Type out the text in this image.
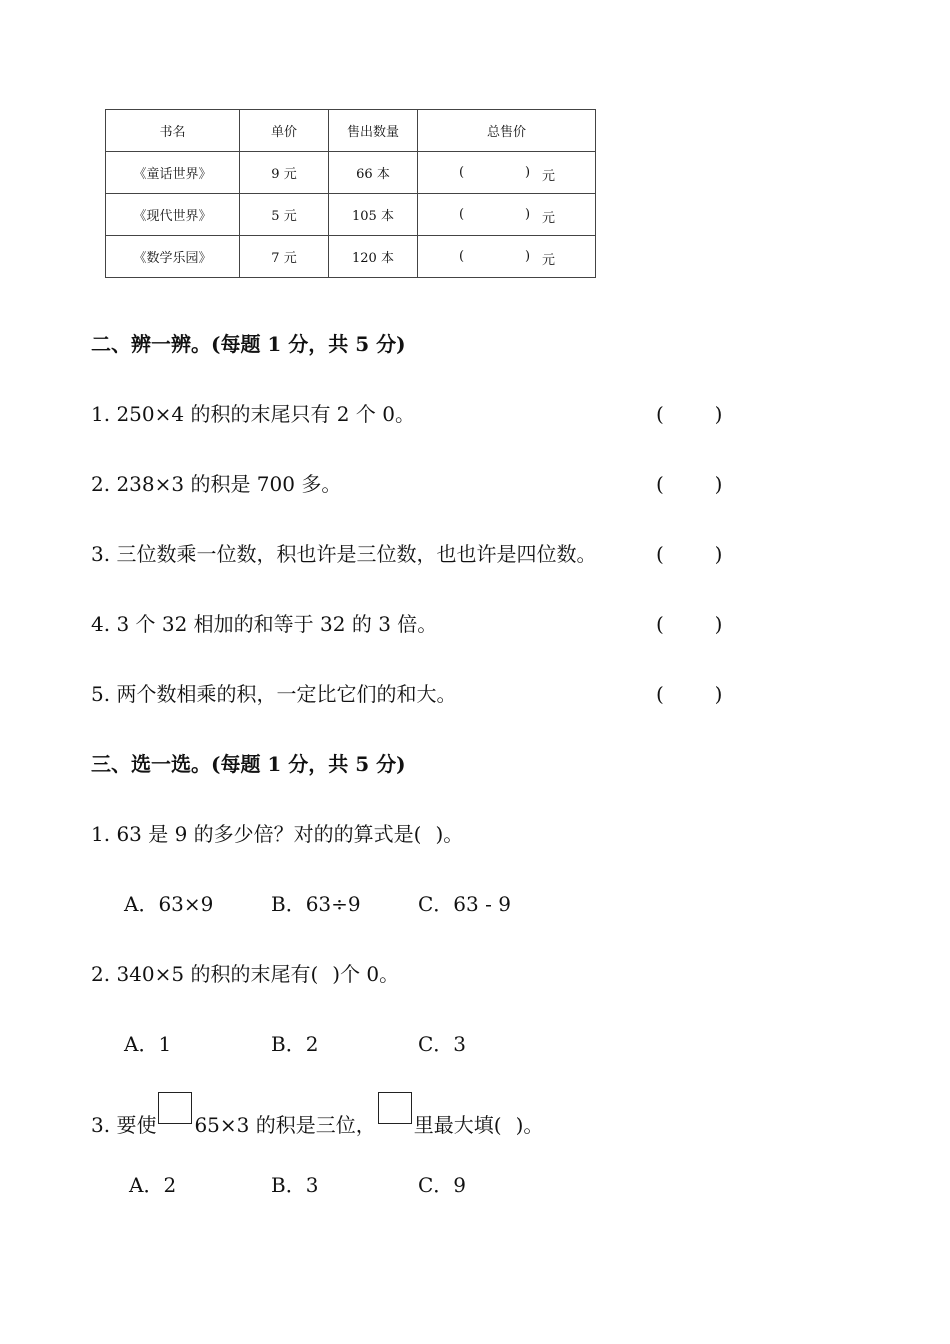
书名	单价	售出数量	总售价
《童话世界》	9 元	66 本	( ) 元

《现代世界》	5 元	105 本	( ) 元

《数学乐园》	7 元	120 本	( ) 元
二、辨一辨。(每题 1 分，共 5 分)
1. 250×4 的积的末尾只有 2 个 0。	(        )
2. 238×3 的积是 700 多。	(        )
3. 三位数乘一位数，积也许是三位数，也也许是四位数。	(        )
4. 3 个 32 相加的和等于 32 的 3 倍。	(        )
5. 两个数相乘的积，一定比它们的和大。	(        )
三、选一选。(每题 1 分，共 5 分)
1. 63 是 9 的多少倍？对的的算式是( )。
A．63×9	B．63÷9	C．63 - 9
2. 340×5 的积的末尾有( )个 0。
A．1	B．2	C．3
3. 要使 65×3 的积是三位， 里最大填( )。
A．2	B．3	C．9
